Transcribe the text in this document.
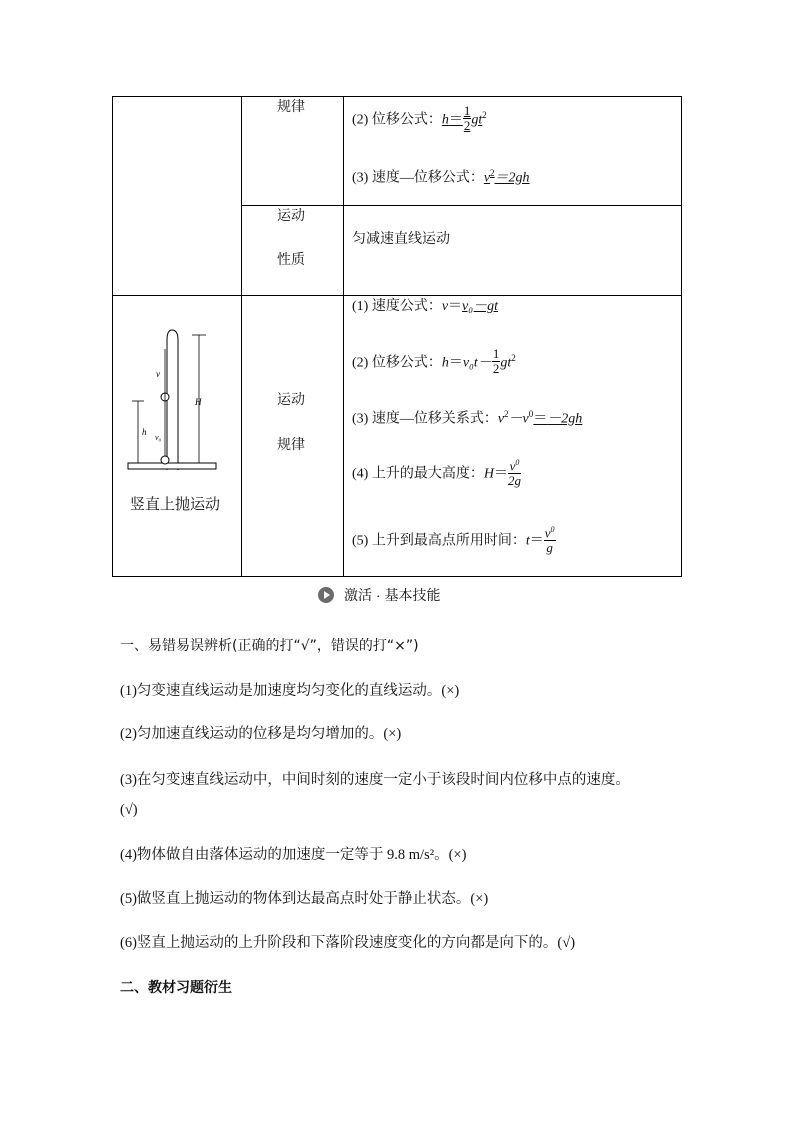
规律
(2) 位移公式：$h= \frac{1}{2} gt^2$
(3) 速度—位移公式：$v^2=2gh$
运动
性质
匀减速直线运动
v
v₀
h
H
竖直上抛运动
运动
规律
(1) 速度公式：v＝v₀－gt
(2) 位移公式：$h=v_0t- \frac{1}{2} gt^2$
(3) 速度—位移关系式：$v^2-v^0=-2gh$
(4) 上升的最大高度：$H= \frac{v^0}{2g}$
(5) 上升到最高点所用时间：$t= \frac{v^0}{g}$
激活 · 基本技能
一、易错易误辨析(正确的打“√”，错误的打“×”)
(1)匀变速直线运动是加速度均匀变化的直线运动。(×)
(2)匀加速直线运动的位移是均匀增加的。(×)
(3)在匀变速直线运动中，中间时刻的速度一定小于该段时间内位移中点的速度。
(√)
(4)物体做自由落体运动的加速度一定等于 9.8 m/s²。(×)
(5)做竖直上抛运动的物体到达最高点时处于静止状态。(×)
(6)竖直上抛运动的上升阶段和下落阶段速度变化的方向都是向下的。(√)
二、教材习题衍生
